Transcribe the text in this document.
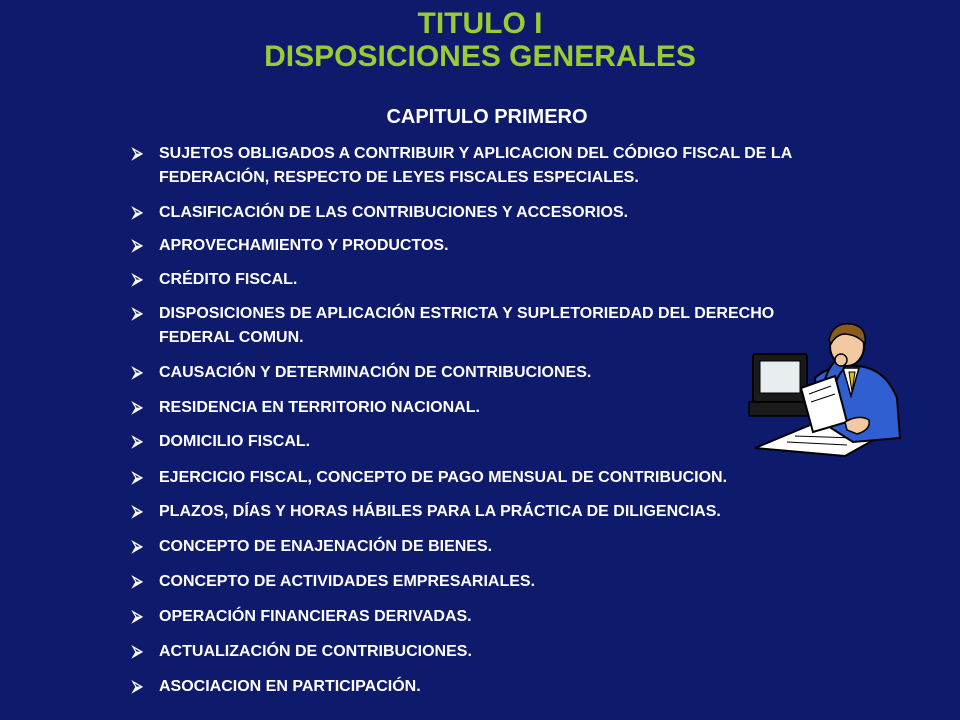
TITULO I
DISPOSICIONES GENERALES
CAPITULO PRIMERO
⮚	SUJETOS OBLIGADOS A CONTRIBUIR Y APLICACION DEL CÓDIGO FISCAL DE LA FEDERACIÓN, RESPECTO DE LEYES FISCALES ESPECIALES.
⮚	CLASIFICACIÓN DE LAS CONTRIBUCIONES Y ACCESORIOS.
⮚	APROVECHAMIENTO Y PRODUCTOS.
⮚	CRÉDITO FISCAL.
⮚	DISPOSICIONES DE APLICACIÓN ESTRICTA Y SUPLETORIEDAD DEL DERECHO FEDERAL COMUN.
⮚	CAUSACIÓN Y DETERMINACIÓN DE CONTRIBUCIONES.
⮚	RESIDENCIA EN TERRITORIO NACIONAL.
⮚	DOMICILIO FISCAL.
⮚	EJERCICIO FISCAL, CONCEPTO DE PAGO MENSUAL DE CONTRIBUCION.
⮚	PLAZOS, DÍAS Y HORAS HÁBILES PARA LA PRÁCTICA DE DILIGENCIAS.
⮚	CONCEPTO DE ENAJENACIÓN DE BIENES.
⮚	CONCEPTO DE ACTIVIDADES EMPRESARIALES.
⮚	OPERACIÓN FINANCIERAS DERIVADAS.
⮚	ACTUALIZACIÓN DE CONTRIBUCIONES.
⮚	ASOCIACION EN PARTICIPACIÓN.
